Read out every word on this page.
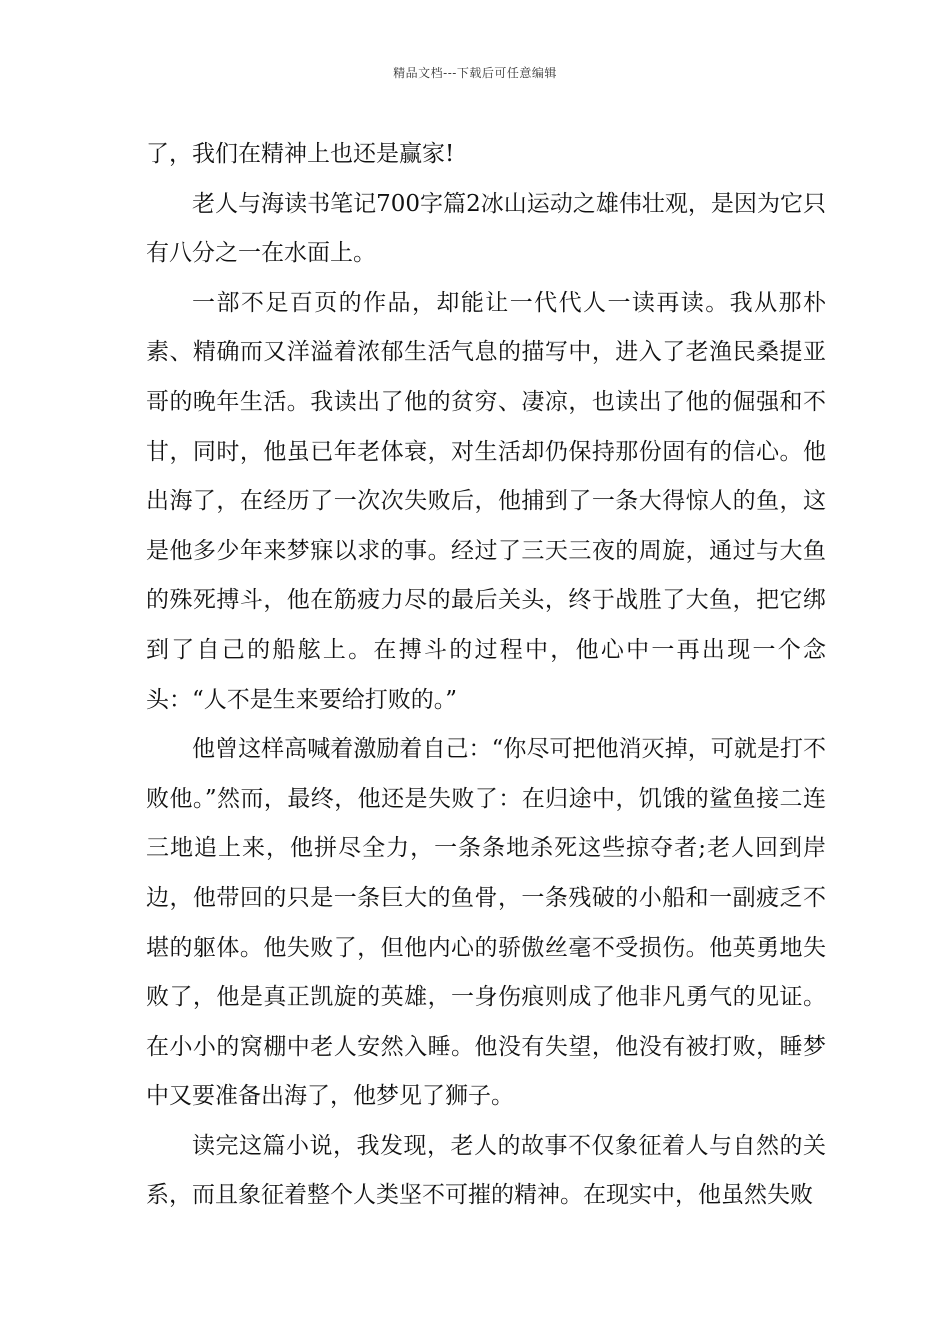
精品文档---下载后可任意编辑

了，我们在精神上也还是赢家!

老人与海读书笔记700字篇2冰山运动之雄伟壮观，是因为它只有八分之一在水面上。

一部不足百页的作品，却能让一代代人一读再读。我从那朴素、精确而又洋溢着浓郁生活气息的描写中，进入了老渔民桑提亚哥的晚年生活。我读出了他的贫穷、凄凉，也读出了他的倔强和不甘，同时，他虽已年老体衰，对生活却仍保持那份固有的信心。他出海了，在经历了一次次失败后，他捕到了一条大得惊人的鱼，这是他多少年来梦寐以求的事。经过了三天三夜的周旋，通过与大鱼的殊死搏斗，他在筋疲力尽的最后关头，终于战胜了大鱼，把它绑到了自己的船舷上。在搏斗的过程中，他心中一再出现一个念头：“人不是生来要给打败的。”

他曾这样高喊着激励着自己：“你尽可把他消灭掉，可就是打不败他。”然而，最终，他还是失败了：在归途中，饥饿的鲨鱼接二连三地追上来，他拼尽全力，一条条地杀死这些掠夺者;老人回到岸边，他带回的只是一条巨大的鱼骨，一条残破的小船和一副疲乏不堪的躯体。他失败了，但他内心的骄傲丝毫不受损伤。他英勇地失败了，他是真正凯旋的英雄，一身伤痕则成了他非凡勇气的见证。在小小的窝棚中老人安然入睡。他没有失望，他没有被打败，睡梦中又要准备出海了，他梦见了狮子。

读完这篇小说，我发现，老人的故事不仅象征着人与自然的关系，而且象征着整个人类坚不可摧的精神。在现实中，他虽然失败
